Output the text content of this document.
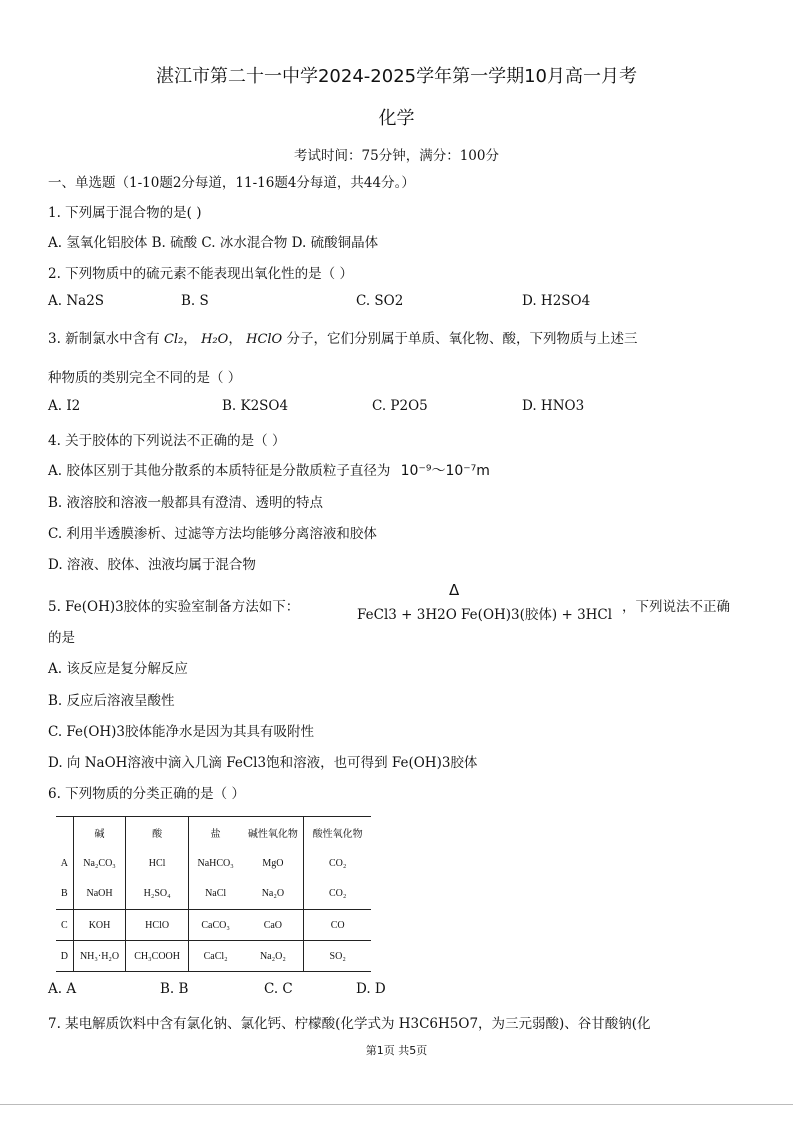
湛江市第二十一中学2024-2025学年第一学期10月高一月考
化学
考试时间：75分钟，满分：100分
一、单选题（1-10题2分每道，11-16题4分每道，共44分。）
1. 下列属于混合物的是( )
A. 氢氧化铝胶体 B. 硫酸 C. 冰水混合物 D. 硫酸铜晶体
2. 下列物质中的硫元素不能表现出氧化性的是（ ）
A. Na2S	B. S	C. SO2	D. H2SO4
3. 新制氯水中含有 Cl₂， H₂O， HClO 分子，它们分别属于单质、氧化物、酸，下列物质与上述三
种物质的类别完全不同的是（ ）
A. I2	B. K2SO4	C. P2O5	D. HNO3
4. 关于胶体的下列说法不正确的是（ ）
A. 胶体区别于其他分散系的本质特征是分散质粒子直径为 10⁻⁹～10⁻⁷m
B. 液溶胶和溶液一般都具有澄清、透明的特点
C. 利用半透膜渗析、过滤等方法均能够分离溶液和胶体
D. 溶液、胶体、浊液均属于混合物
5. Fe(OH)3胶体的实验室制备方法如下：
Δ
FeCl3 + 3H2O Fe(OH)3(胶体) + 3HCl ，下列说法不正确
的是
A. 该反应是复分解反应
B. 反应后溶液呈酸性
C. Fe(OH)3胶体能净水是因为其具有吸附性
D. 向 NaOH溶液中滴入几滴 FeCl3饱和溶液，也可得到 Fe(OH)3胶体
6. 下列物质的分类正确的是（ ）
	碱	酸	盐	碱性氧化物	酸性氧化物
A	Na₂CO₃	HCl	NaHCO₃	MgO	CO₂
B	NaOH	H₂SO₄	NaCl	Na₂O	CO₂
C	KOH	HClO	CaCO₃	CaO	CO
D	NH₃·H₂O	CH₃COOH	CaCl₂	Na₂O₂	SO₂
A. A	B. B	C. C	D. D
7. 某电解质饮料中含有氯化钠、氯化钙、柠檬酸(化学式为 H3C6H5O7，为三元弱酸)、谷甘酸钠(化
第1页 共5页
